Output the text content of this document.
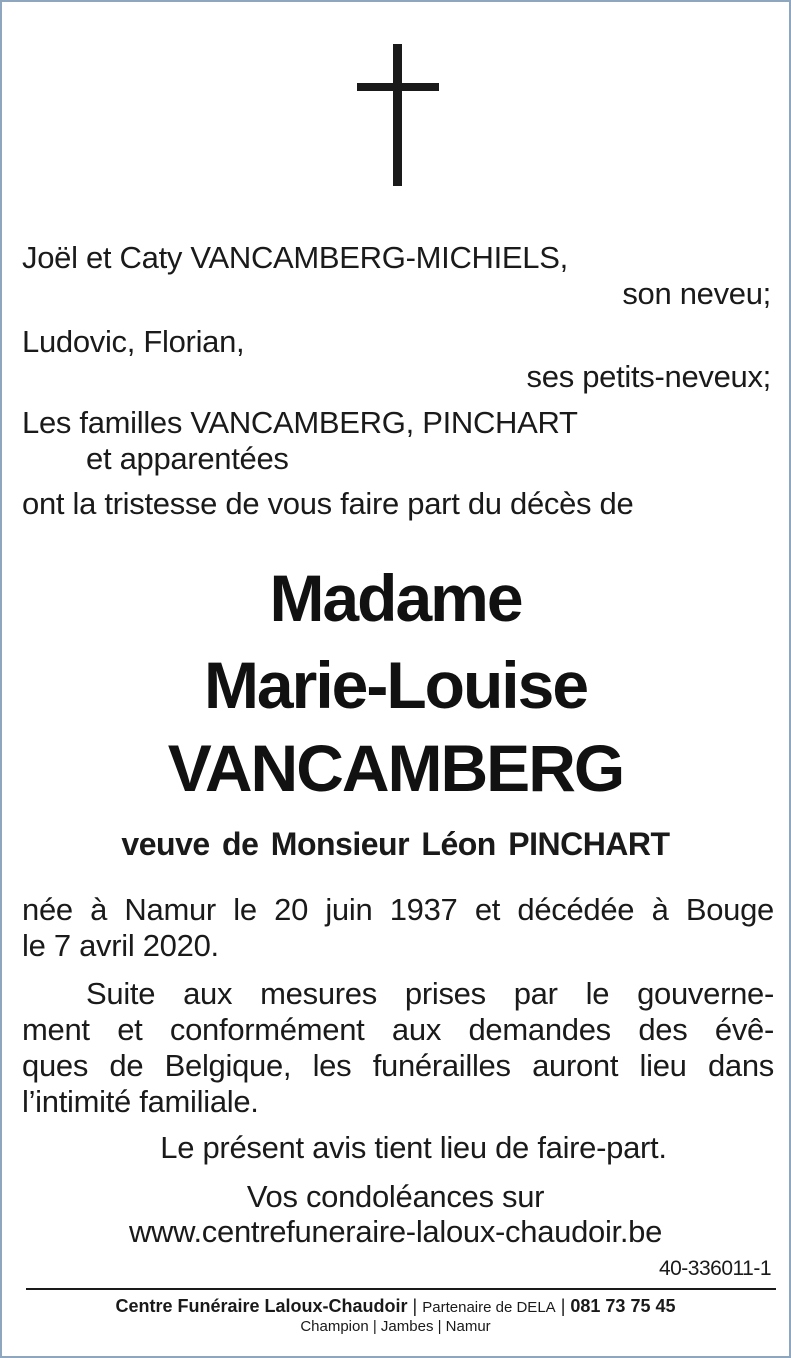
Joël et Caty VANCAMBERG-MICHIELS,
son neveu;
Ludovic, Florian,
ses petits-neveux;
Les familles VANCAMBERG, PINCHART
et apparentées
ont la tristesse de vous faire part du décès de
Madame
Marie-Louise
VANCAMBERG
veuve de Monsieur Léon PINCHART
née à Namur le 20 juin 1937 et décédée à Bouge
le 7 avril 2020.
Suite aux mesures prises par le gouverne-
ment et conformément aux demandes des évê-
ques de Belgique, les funérailles auront lieu dans
l’intimité familiale.
Le présent avis tient lieu de faire-part.
Vos condoléances sur
www.centrefuneraire-laloux-chaudoir.be
40-336011-1
Centre Funéraire Laloux-Chaudoir | Partenaire de DELA | 081 73 75 45
Champion | Jambes | Namur
